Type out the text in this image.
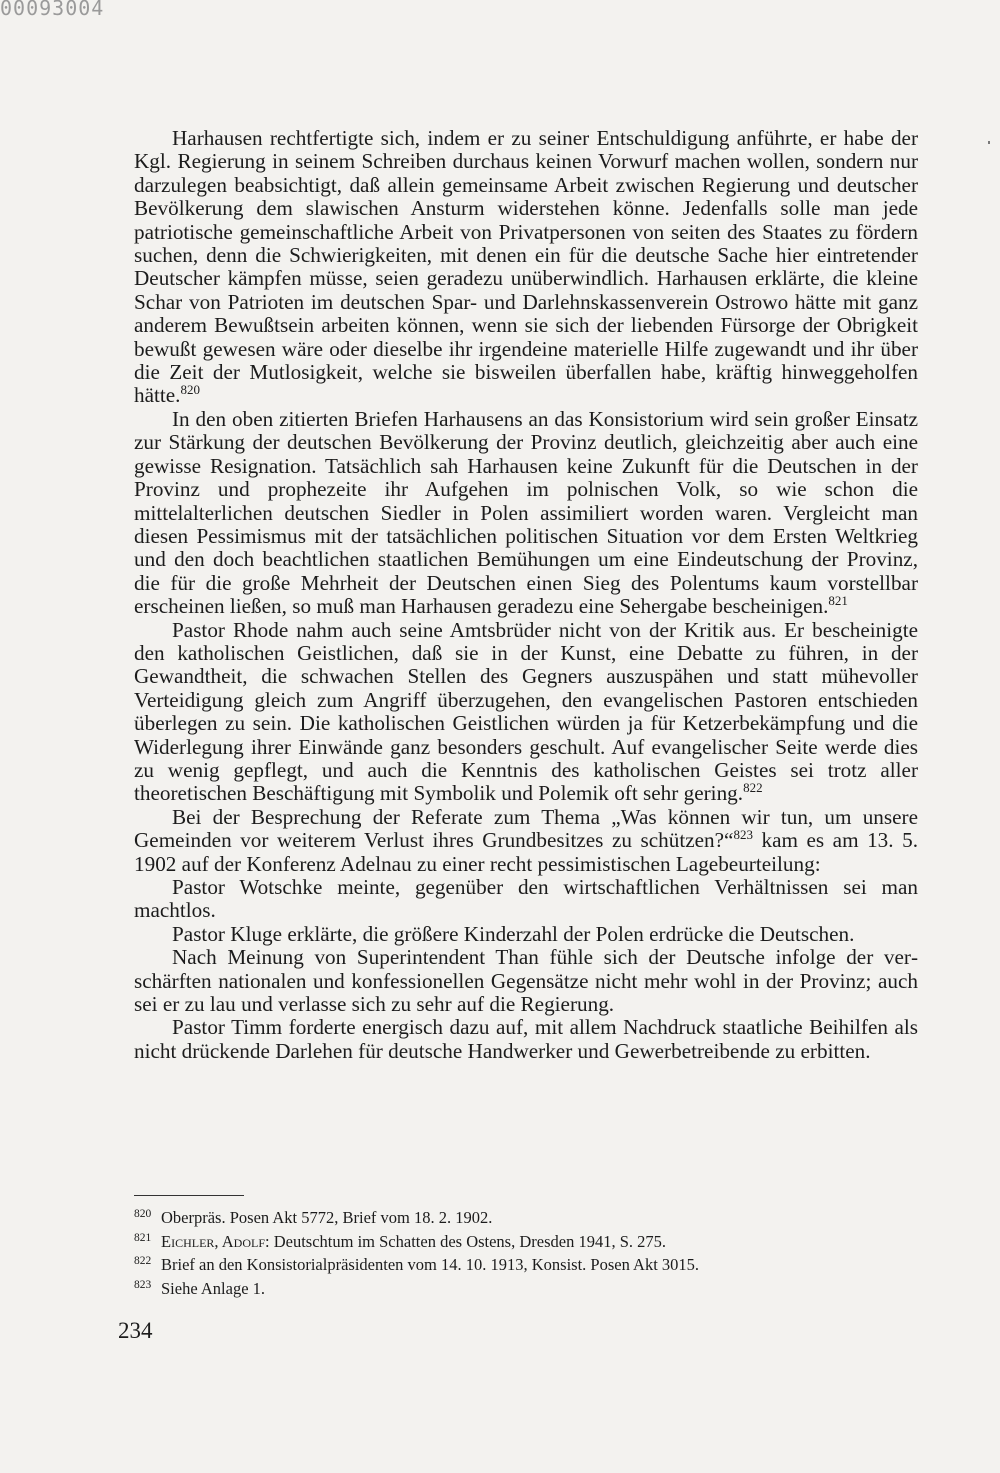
00093004

Harhausen rechtfertigte sich, indem er zu seiner Entschuldigung anführte, er habe der Kgl. Regierung in seinem Schreiben durchaus keinen Vorwurf machen wollen, sondern nur darzulegen beabsichtigt, daß allein gemeinsame Arbeit zwischen Regierung und deutscher Bevölkerung dem slawischen Ansturm widerstehen könne. Jedenfalls solle man jede patriotische gemeinschaftliche Arbeit von Privatpersonen von seiten des Staates zu fördern suchen, denn die Schwierigkeiten, mit denen ein für die deutsche Sache hier eintretender Deutscher kämpfen müsse, seien geradezu unüberwindlich. Harhausen erklärte, die kleine Schar von Patrioten im deutschen Spar- und Darlehnskassenverein Ostrowo hätte mit ganz anderem Bewußtsein arbeiten können, wenn sie sich der liebenden Fürsorge der Obrigkeit bewußt gewesen wäre oder dieselbe ihr irgendeine materielle Hilfe zugewandt und ihr über die Zeit der Mutlosigkeit, welche sie bisweilen überfallen habe, kräftig hinweggeholfen hätte.$^{820}$

In den oben zitierten Briefen Harhausens an das Konsistorium wird sein großer Einsatz zur Stärkung der deutschen Bevölkerung der Provinz deutlich, gleichzeitig aber auch eine gewisse Resignation. Tatsächlich sah Harhausen keine Zukunft für die Deutschen in der Provinz und prophezeite ihr Aufgehen im polnischen Volk, so wie schon die mittelalterlichen deutschen Siedler in Polen assimiliert worden waren. Vergleicht man diesen Pessimismus mit der tatsächlichen politischen Situation vor dem Ersten Weltkrieg und den doch beachtlichen staatlichen Bemühungen um eine Eindeutschung der Provinz, die für die große Mehrheit der Deutschen einen Sieg des Polentums kaum vorstellbar erscheinen ließen, so muß man Harhausen geradezu eine Sehergabe bescheinigen.$^{821}$

Pastor Rhode nahm auch seine Amtsbrüder nicht von der Kritik aus. Er bescheinigte den katholischen Geistlichen, daß sie in der Kunst, eine Debatte zu führen, in der Gewandtheit, die schwachen Stellen des Gegners auszuspähen und statt mühevoller Verteidigung gleich zum Angriff überzugehen, den evangelischen Pastoren entschieden überlegen zu sein. Die katholischen Geistlichen würden ja für Ketzerbekämpfung und die Widerlegung ihrer Einwände ganz besonders geschult. Auf evangelischer Seite werde dies zu wenig gepflegt, und auch die Kenntnis des katholischen Geistes sei trotz aller theoretischen Beschäftigung mit Symbolik und Polemik oft sehr gering.$^{822}$

Bei der Besprechung der Referate zum Thema „Was können wir tun, um unsere Gemeinden vor weiterem Verlust ihres Grundbesitzes zu schützen?“$^{823}$ kam es am 13. 5. 1902 auf der Konferenz Adelnau zu einer recht pessimistischen Lagebeurteilung:

Pastor Wotschke meinte, gegenüber den wirtschaftlichen Verhältnissen sei man machtlos.

Pastor Kluge erklärte, die größere Kinderzahl der Polen erdrücke die Deutschen.

Nach Meinung von Superintendent Than fühle sich der Deutsche infolge der verschärften nationalen und konfessionellen Gegensätze nicht mehr wohl in der Provinz; auch sei er zu lau und verlasse sich zu sehr auf die Regierung.

Pastor Timm forderte energisch dazu auf, mit allem Nachdruck staatliche Beihilfen als nicht drückende Darlehen für deutsche Handwerker und Gewerbetreibende zu erbitten.

820 Oberpräs. Posen Akt 5772, Brief vom 18. 2. 1902.
821 Eichler, Adolf: Deutschtum im Schatten des Ostens, Dresden 1941, S. 275.
822 Brief an den Konsistorialpräsidenten vom 14. 10. 1913, Konsist. Posen Akt 3015.
823 Siehe Anlage 1.
234
